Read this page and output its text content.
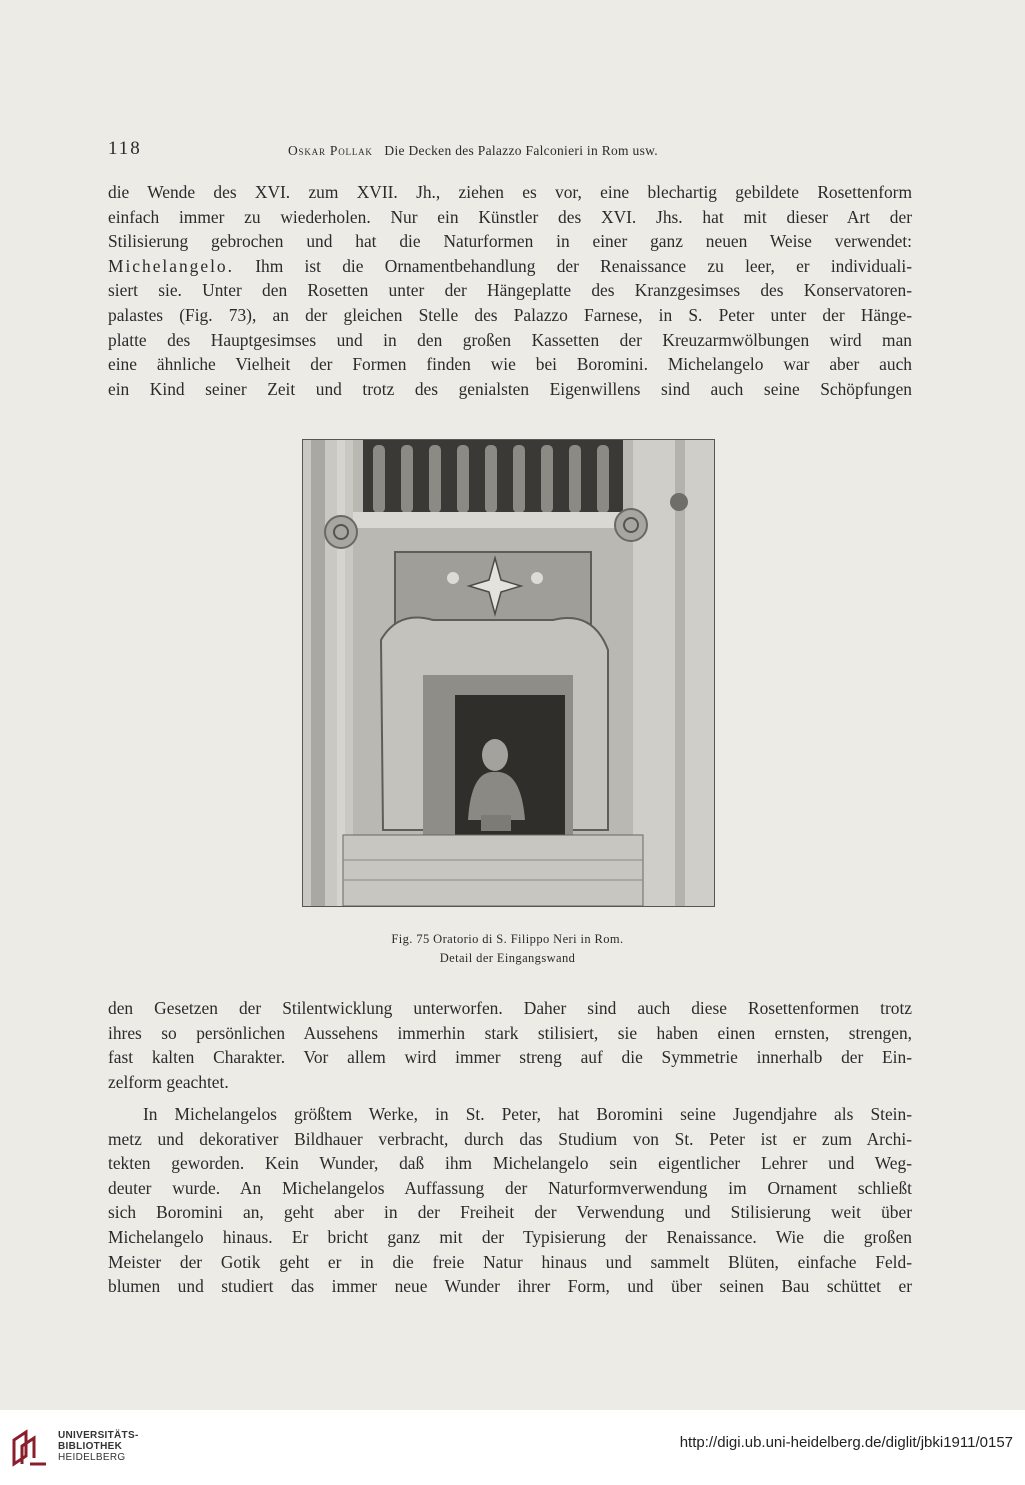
118	Oskar Pollak Die Decken des Palazzo Falconieri in Rom usw.
die Wende des XVI. zum XVII. Jh., ziehen es vor, eine blechartig gebildete Rosettenform
einfach immer zu wiederholen. Nur ein Künstler des XVI. Jhs. hat mit dieser Art der
Stilisierung gebrochen und hat die Naturformen in einer ganz neuen Weise verwendet:
Michelangelo. Ihm ist die Ornamentbehandlung der Renaissance zu leer, er individuali-
siert sie. Unter den Rosetten unter der Hängeplatte des Kranzgesimses des Konservatoren-
palastes (Fig. 73), an der gleichen Stelle des Palazzo Farnese, in S. Peter unter der Hänge-
platte des Hauptgesimses und in den großen Kassetten der Kreuzarmwölbungen wird man
eine ähnliche Vielheit der Formen finden wie bei Boromini. Michelangelo war aber auch
ein Kind seiner Zeit und trotz des genialsten Eigenwillens sind auch seine Schöpfungen
Fig. 75 Oratorio di S. Filippo Neri in Rom.
Detail der Eingangswand
den Gesetzen der Stilentwicklung unterworfen. Daher sind auch diese Rosettenformen trotz
ihres so persönlichen Aussehens immerhin stark stilisiert, sie haben einen ernsten, strengen,
fast kalten Charakter. Vor allem wird immer streng auf die Symmetrie innerhalb der Ein-
zelform geachtet.
In Michelangelos größtem Werke, in St. Peter, hat Boromini seine Jugendjahre als Stein-
metz und dekorativer Bildhauer verbracht, durch das Studium von St. Peter ist er zum Archi-
tekten geworden. Kein Wunder, daß ihm Michelangelo sein eigentlicher Lehrer und Weg-
deuter wurde. An Michelangelos Auffassung der Naturformverwendung im Ornament schließt
sich Boromini an, geht aber in der Freiheit der Verwendung und Stilisierung weit über
Michelangelo hinaus. Er bricht ganz mit der Typisierung der Renaissance. Wie die großen
Meister der Gotik geht er in die freie Natur hinaus und sammelt Blüten, einfache Feld-
blumen und studiert das immer neue Wunder ihrer Form, und über seinen Bau schüttet er
UNIVERSITÄTS-
BIBLIOTHEK
HEIDELBERG
http://digi.ub.uni-heidelberg.de/diglit/jbki1911/0157
